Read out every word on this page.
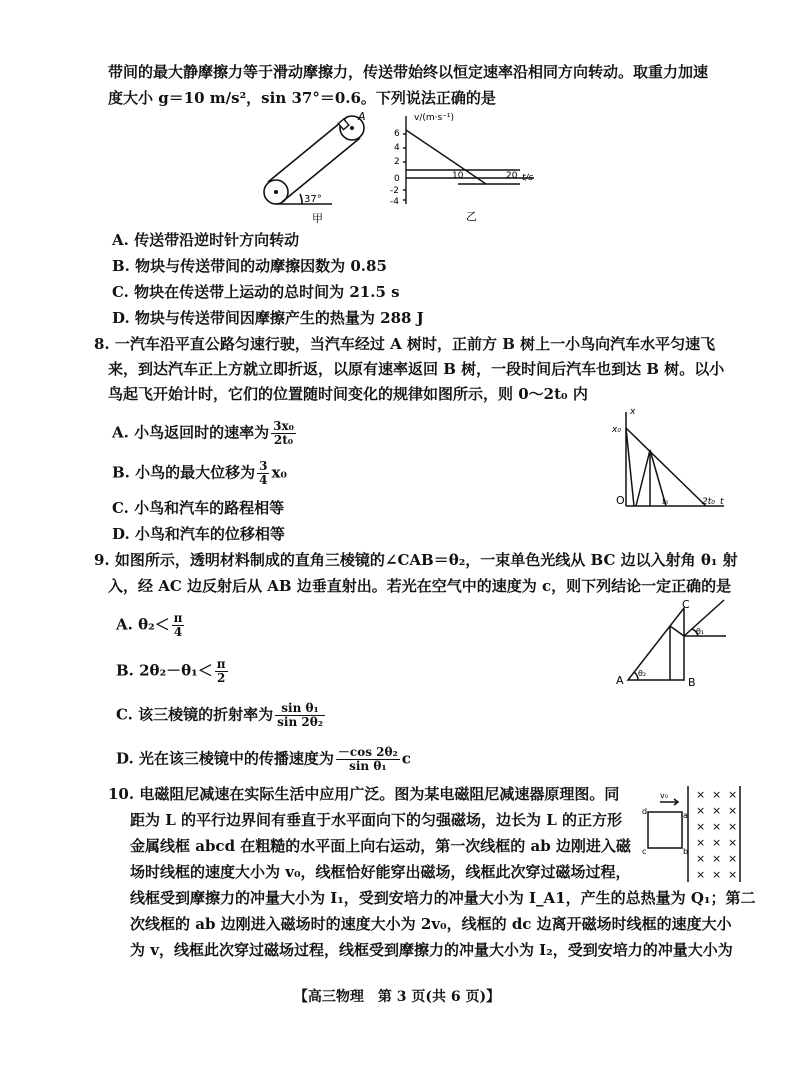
带间的最大静摩擦力等于滑动摩擦力，传送带始终以恒定速率沿相同方向转动。取重力加速
度大小 g＝10 m/s²，sin 37°＝0.6。下列说法正确的是
A
37°
甲
v/(m·s⁻¹)
6
4
2
0
-2
-4
10	20 t/s
乙
A. 传送带沿逆时针方向转动
B. 物块与传送带间的动摩擦因数为 0.85
C. 物块在传送带上运动的总时间为 21.5 s
D. 物块与传送带间因摩擦产生的热量为 288 J
8. 一汽车沿平直公路匀速行驶，当汽车经过 A 树时，正前方 B 树上一小鸟向汽车水平匀速飞
来，到达汽车正上方就立即折返，以原有速率返回 B 树，一段时间后汽车也到达 B 树。以小
鸟起飞开始计时，它们的位置随时间变化的规律如图所示，则 0～2t₀ 内
A. 小鸟返回时的速率为 $\frac{\text{3x₀}}{\text{2t₀}}$
B. 小鸟的最大位移为 $\frac{3}{4} x_0$
C. 小鸟和汽车的路程相等
D. 小鸟和汽车的位移相等
x
x₀
O	t₀	2t₀ t
9. 如图所示，透明材料制成的直角三棱镜的∠CAB＝θ₂，一束单色光线从 BC 边以入射角 θ₁ 射
入，经 AC 边反射后从 AB 边垂直射出。若光在空气中的速度为 c，则下列结论一定正确的是
A. $\theta_2< \frac{\pi}{4}$
B. $2\theta_2-\theta_1< \frac{\pi}{2}$
C. 该三棱镜的折射率为 $\frac{\text{sin θ₁}}{\text{sin 2θ₂}}$
D. 光在该三棱镜中的传播速度为 $\frac{\text{－cos 2θ₂}}{\text{sin θ₁}}$ c
A	B
C
θ₁
θ₂
10. 电磁阻尼减速在实际生活中应用广泛。图为某电磁阻尼减速器原理图。同
距为 L 的平行边界间有垂直于水平面向下的匀强磁场，边长为 L 的正方形
金属线框 abcd 在粗糙的水平面上向右运动，第一次线框的 ab 边刚进入磁
场时线框的速度大小为 v₀，线框恰好能穿出磁场，线框此次穿过磁场过程，
线框受到摩擦力的冲量大小为 I₁，受到安培力的冲量大小为 I_A1，产生的总热量为 Q₁；第二
次线框的 ab 边刚进入磁场时的速度大小为 2v₀，线框的 dc 边离开磁场时线框的速度大小
为 v，线框此次穿过磁场过程，线框受到摩擦力的冲量大小为 I₂，受到安培力的冲量大小为
v₀
a
b
c
d
×
×
×
×
×
×
×
×
×
×
×
×
×
×
×
×
×
×
【高三物理　第 3 页(共 6 页)】
